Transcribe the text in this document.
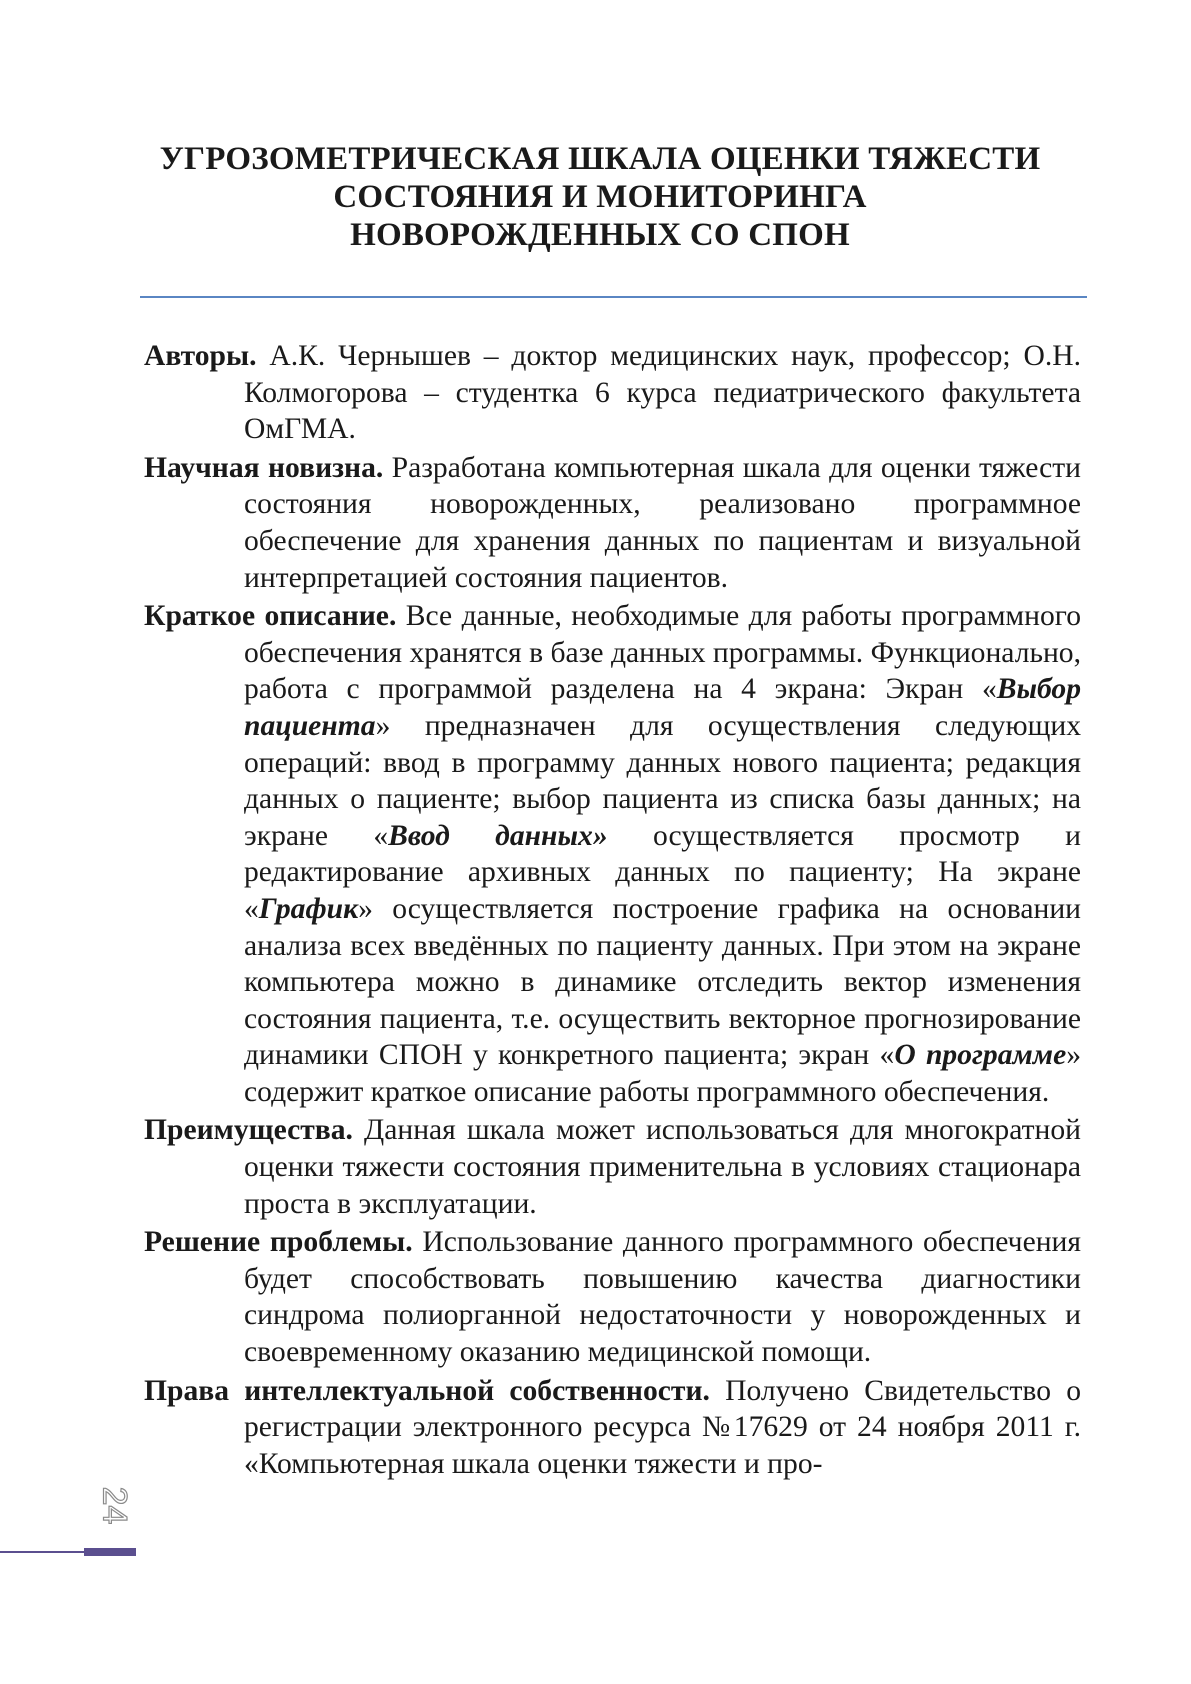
УГРОЗОМЕТРИЧЕСКАЯ ШКАЛА ОЦЕНКИ ТЯЖЕСТИ
СОСТОЯНИЯ И МОНИТОРИНГА
НОВОРОЖДЕННЫХ СО СПОН

Авторы. А.К. Чернышев – доктор медицинских наук, профессор; О.Н. Колмогорова – студентка 6 курса педиатрического факультета ОмГМА.

Научная новизна. Разработана компьютерная шкала для оценки тяжести состояния новорожденных, реализовано программное обеспечение для хранения данных по пациентам и визуальной интерпретацией состояния пациентов.

Краткое описание. Все данные, необходимые для работы программного обеспечения хранятся в базе данных программы. Функционально, работа с программой разделена на 4 экрана: Экран «Выбор пациента» предназначен для осуществления следующих операций: ввод в программу данных нового пациента; редакция данных о пациенте; выбор пациента из списка базы данных; на экране «Ввод данных» осуществляется просмотр и редактирование архивных данных по пациенту; На экране «График» осуществляется построение графика на основании анализа всех введённых по пациенту данных. При этом на экране компьютера можно в динамике отследить вектор изменения состояния пациента, т.е. осуществить векторное прогнозирование динамики СПОН у конкретного пациента; экран «О программе» содержит краткое описание работы программного обеспечения.

Преимущества. Данная шкала может использоваться для многократной оценки тяжести состояния применительна в условиях стационара проста в эксплуатации.

Решение проблемы. Использование данного программного обеспечения будет способствовать повышению качества диагностики синдрома полиорганной недостаточности у новорожденных и своевременному оказанию медицинской помощи.

Права интеллектуальной собственности. Получено Свидетельство о регистрации электронного ресурса №17629 от 24 ноября 2011 г. «Компьютерная шкала оценки тяжести и про-

24
